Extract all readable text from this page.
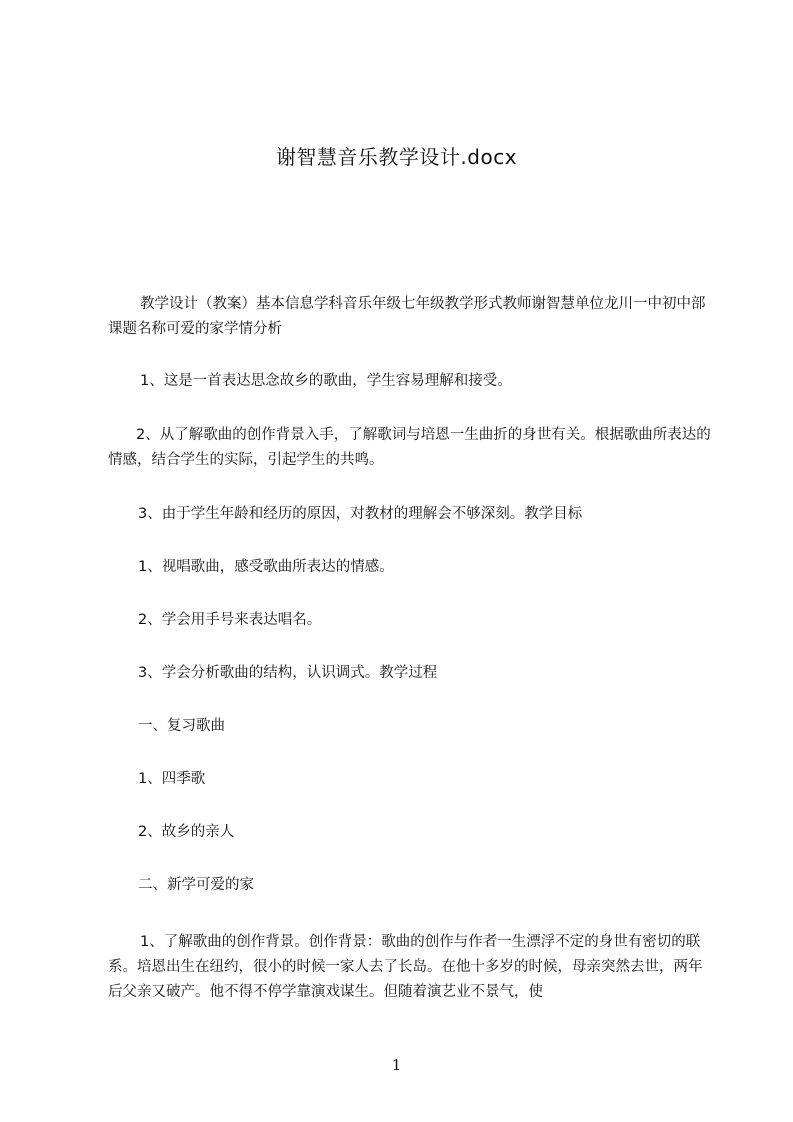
谢智慧音乐教学设计.docx

教学设计（教案）基本信息学科音乐年级七年级教学形式教师谢智慧单位龙川一中初中部课题名称可爱的家学情分析

1、这是一首表达思念故乡的歌曲，学生容易理解和接受。

2、从了解歌曲的创作背景入手，了解歌词与培恩一生曲折的身世有关。根据歌曲所表达的情感，结合学生的实际，引起学生的共鸣。

3、由于学生年龄和经历的原因，对教材的理解会不够深刻。教学目标

1、视唱歌曲，感受歌曲所表达的情感。

2、学会用手号来表达唱名。

3、学会分析歌曲的结构，认识调式。教学过程

一、复习歌曲

1、四季歌

2、故乡的亲人

二、新学可爱的家

1、了解歌曲的创作背景。创作背景：歌曲的创作与作者一生漂浮不定的身世有密切的联系。培恩出生在纽约，很小的时候一家人去了长岛。在他十多岁的时候，母亲突然去世，两年后父亲又破产。他不得不停学靠演戏谋生。但随着演艺业不景气，使

1
